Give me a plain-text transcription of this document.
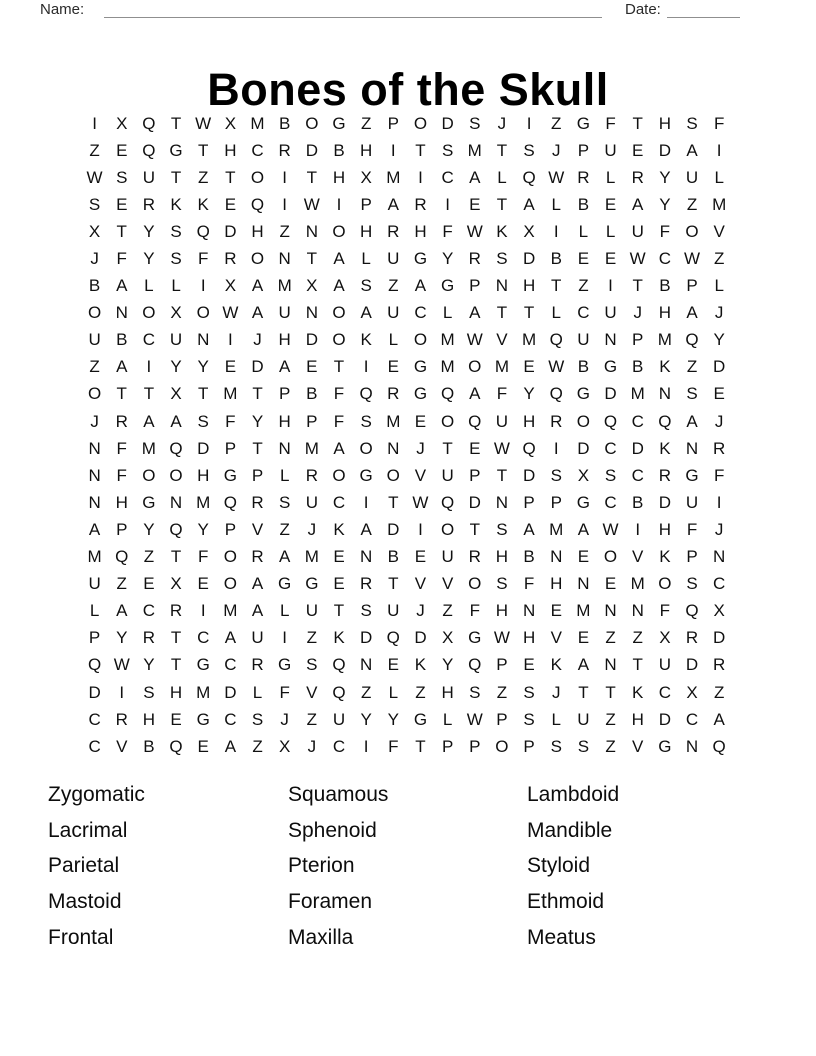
Name:	Date:
Bones of the Skull
I	X Q T W X M B O G Z P O D S	J	I	Z G F T H S F
Z E Q G T H C R D B H	I	T S M T S	J	P U E D A	I
W S U T Z T O	I	T H X M	I	C A L Q W R L R Y U L
S E R K K E Q	I W I	P A R	I	E T A L B E A Y Z M
X T Y S Q D H Z N O H R H F W K X	I	L	L U F O V
J	F Y S F R O N T A L U G Y R S D B E E W C W Z
B A L	L	I	X A M X A S Z A G P N H T Z	I	T B P L
O N O X O W A U N O A U C L A T T	L C U J H A	J
U B C U N	I	J H D O K L O M W V M Q U N P M Q Y
Z A	I	Y Y E D A E T	I	E G M O M E W B G B K Z D
O T T X T M T P B F Q R G Q A F Y Q G D M N S E
J R A A S F Y H P F S M E O Q U H R O Q C Q A	J
N F M Q D P T N M A O N J	T E W Q	I	D C D K N R
N F O O H G P L R O G O V U P T D S X S C R G F
N H G N M Q R S U C	I	T W Q D N P P G C B D U	I
A P Y Q Y P V Z	J	K A D	I	O T S A M A W I	H F	J
M Q Z T F O R A M E N B E U R H B N E O V K P N
U Z E X E O A G G E R T V V O S F H N E M O S C
L A C R	I	M A L U T S U J	Z F H N E M N N F Q X
P Y R T C A U	I	Z K D Q D X G W H V E Z Z X R D
Q W Y T G C R G S Q N E K Y Q P E K A N T U D R
D	I	S H M D L	F V Q Z	L	Z H S Z S	J	T T K C X Z
C R H E G C S	J	Z U Y Y G L W P S L U Z H D C A
C V B Q E A Z X	J C	I	F T P P O P S S Z V G N Q
Zygomatic
Lacrimal
Parietal
Mastoid
Frontal
Squamous
Sphenoid
Pterion
Foramen
Maxilla
Lambdoid
Mandible
Styloid
Ethmoid
Meatus
